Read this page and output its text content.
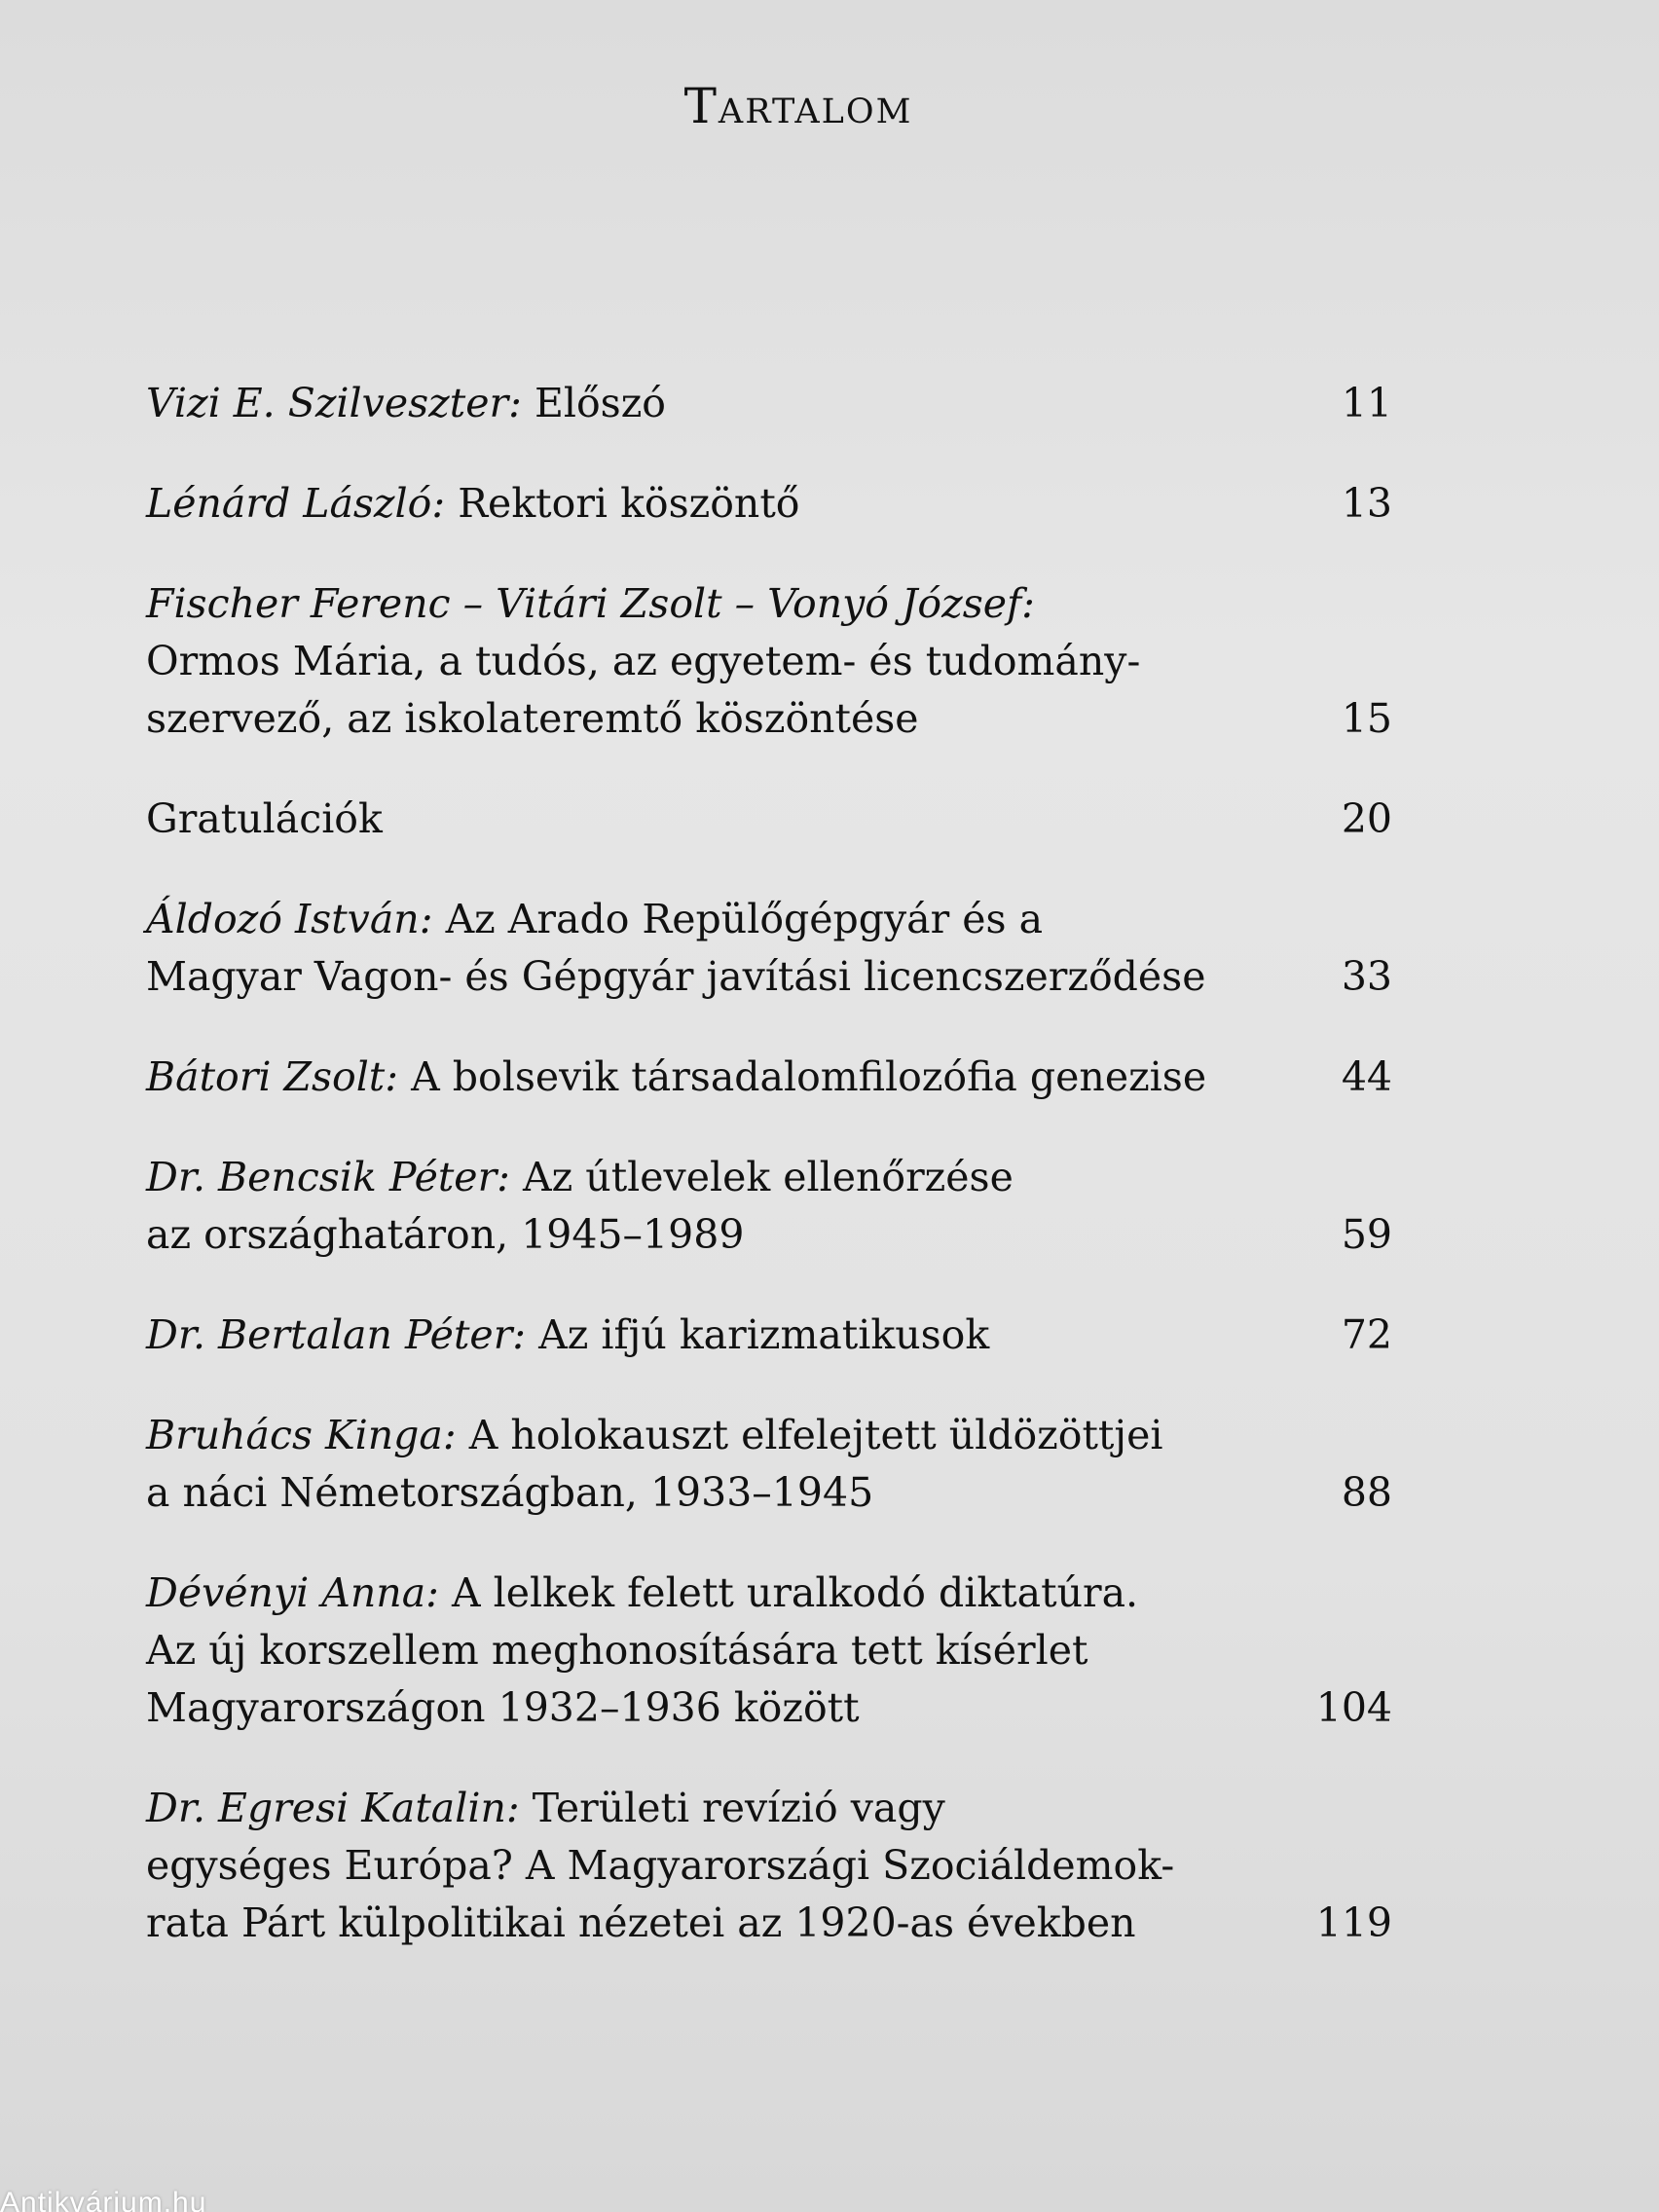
Tartalom
Vizi E. Szilveszter: Előszó	11
Lénárd László: Rektori köszöntő	13
Fischer Ferenc – Vitári Zsolt – Vonyó József:
Ormos Mária, a tudós, az egyetem- és tudomány-
szervező, az iskolateremtő köszöntése	15
Gratulációk	20
Áldozó István: Az Arado Repülőgépgyár és a
Magyar Vagon- és Gépgyár javítási licencszerződése	33
Bátori Zsolt: A bolsevik társadalomfilozófia genezise	44
Dr. Bencsik Péter: Az útlevelek ellenőrzése
az országhatáron, 1945–1989	59
Dr. Bertalan Péter: Az ifjú karizmatikusok	72
Bruhács Kinga: A holokauszt elfelejtett üldözöttjei
a náci Németországban, 1933–1945	88
Dévényi Anna: A lelkek felett uralkodó diktatúra.
Az új korszellem meghonosítására tett kísérlet
Magyarországon 1932–1936 között	104
Dr. Egresi Katalin: Területi revízió vagy
egységes Európa? A Magyarországi Szociáldemok-
rata Párt külpolitikai nézetei az 1920-as években	119
Antikvárium.hu
